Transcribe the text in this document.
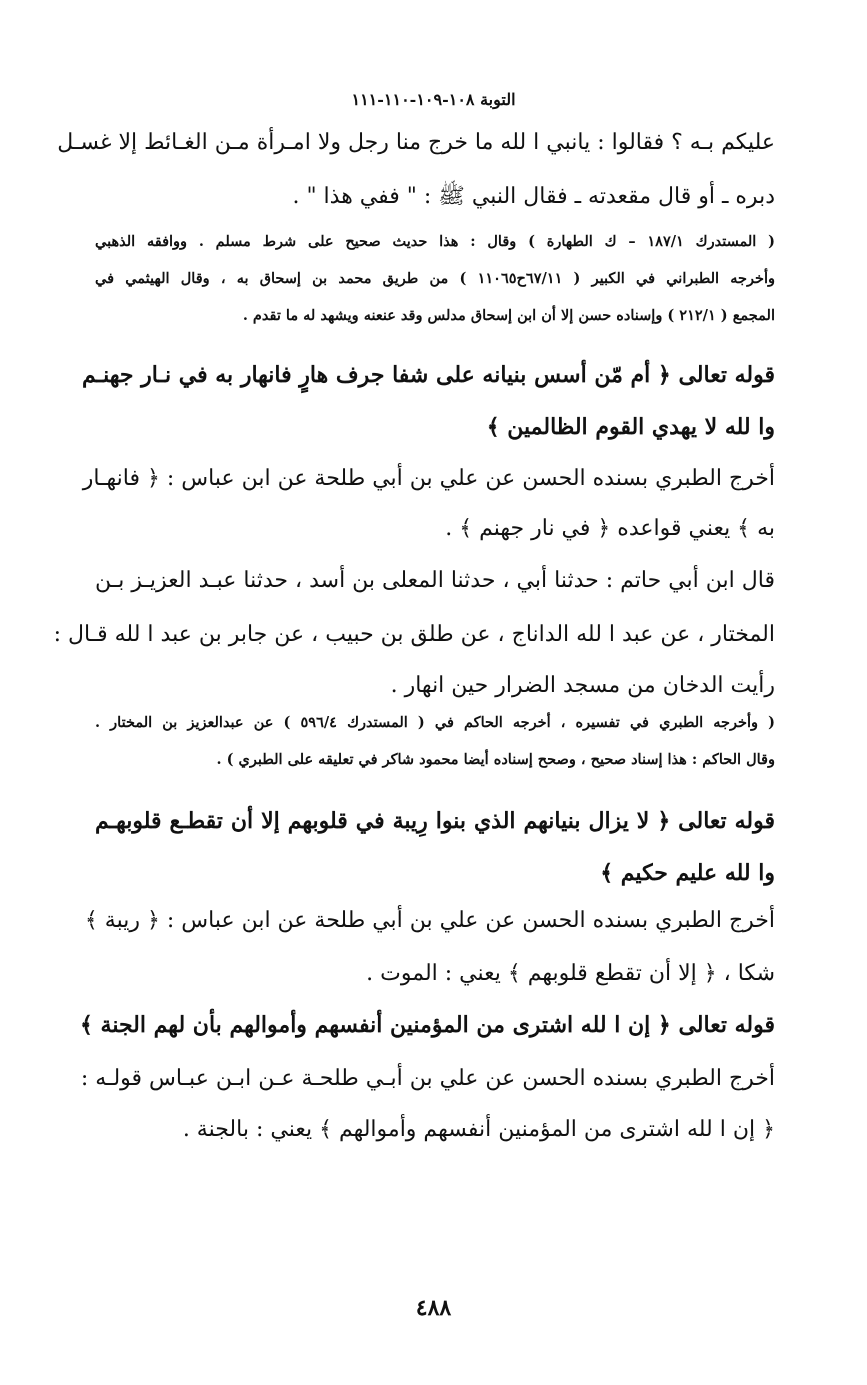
التوبة ١٠٨-١٠٩-١١٠-١١١
عليكم بـه ؟ فقالوا : يانبي ا لله ما خرج منا رجل ولا امـرأة مـن الغـائط إلا غسـل
دبره ـ أو قال مقعدته ـ فقال النبي ﷺ : " ففي هذا " .
( المستدرك ١٨٧/١ – ك الطهارة ) وقال : هذا حديث صحيح على شرط مسلم . ووافقه الذهبي
وأخرجه الطبراني في الكبير ( ٦٧/١١ح١١٠٦٥ ) من طريق محمد بن إسحاق به ، وقال الهيثمي في
المجمع ( ٢١٢/١ ) وإسناده حسن إلا أن ابن إسحاق مدلس وقد عنعنه ويشهد له ما تقدم .
قوله تعالى ﴿ أم مّن أسس بنيانه على شفا جرف هارٍ فانهار به في نـار جهنـم
وا لله لا يهدي القوم الظالمين ﴾
أخرج الطبري بسنده الحسن عن علي بن أبي طلحة عن ابن عباس : ﴿ فانهـار
به ﴾ يعني قواعده ﴿ في نار جهنم ﴾ .
قال ابن أبي حاتم : حدثنا أبي ، حدثنا المعلى بن أسد ، حدثنا عبـد العزيـز بـن
المختار ، عن عبد ا لله الداناج ، عن طلق بن حبيب ، عن جابر بن عبد ا لله قـال :
رأيت الدخان من مسجد الضرار حين انهار .
( وأخرجه الطبري في تفسيره ، أخرجه الحاكم في ( المستدرك ٥٩٦/٤ ) عن عبدالعزيز بن المختار .
وقال الحاكم : هذا إسناد صحيح ، وصحح إسناده أيضا محمود شاكر في تعليقه على الطبري ) .
قوله تعالى ﴿ لا يزال بنيانهم الذي بنوا رِيبة في قلوبهم إلا أن تقطـع قلوبهـم
وا لله عليم حكيم ﴾
أخرج الطبري بسنده الحسن عن علي بن أبي طلحة عن ابن عباس : ﴿ ريبة ﴾
شكا ، ﴿ إلا أن تقطع قلوبهم ﴾ يعني : الموت .
قوله تعالى ﴿ إن ا لله اشترى من المؤمنين أنفسهم وأموالهم بأن لهم الجنة ﴾
أخرج الطبري بسنده الحسن عن علي بن أبـي طلحـة عـن ابـن عبـاس قولـه :
﴿ إن ا لله اشترى من المؤمنين أنفسهم وأموالهم ﴾ يعني : بالجنة .
٤٨٨
